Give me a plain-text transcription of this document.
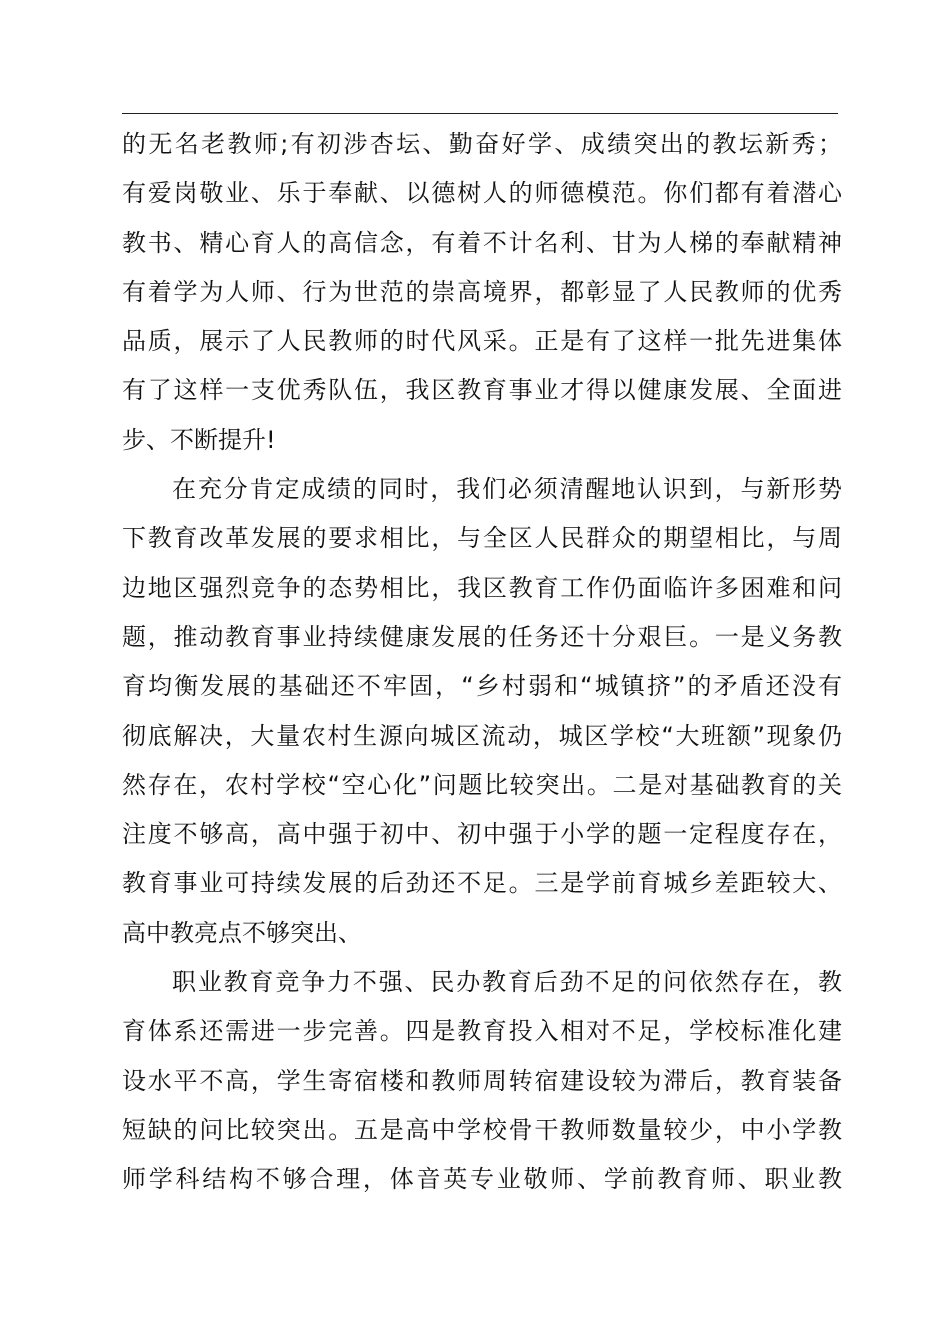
的无名老教师;有初涉杏坛、勤奋好学、成绩突出的教坛新秀；
有爱岗敬业、乐于奉献、以德树人的师德模范。你们都有着潜心
教书、精心育人的高信念，有着不计名利、甘为人梯的奉献精神
有着学为人师、行为世范的崇高境界，都彰显了人民教师的优秀
品质，展示了人民教师的时代风采。正是有了这样一批先进集体
有了这样一支优秀队伍，我区教育事业才得以健康发展、全面进
步、不断提升!
在充分肯定成绩的同时，我们必须清醒地认识到，与新形势
下教育改革发展的要求相比，与全区人民群众的期望相比，与周
边地区强烈竞争的态势相比，我区教育工作仍面临许多困难和问
题，推动教育事业持续健康发展的任务还十分艰巨。一是义务教
育均衡发展的基础还不牢固，“乡村弱和“城镇挤”的矛盾还没有
彻底解决，大量农村生源向城区流动，城区学校“大班额”现象仍
然存在，农村学校“空心化”问题比较突出。二是对基础教育的关
注度不够高，高中强于初中、初中强于小学的题一定程度存在，
教育事业可持续发展的后劲还不足。三是学前育城乡差距较大、
高中教亮点不够突出、
职业教育竞争力不强、民办教育后劲不足的问依然存在，教
育体系还需进一步完善。四是教育投入相对不足，学校标准化建
设水平不高，学生寄宿楼和教师周转宿建设较为滞后，教育装备
短缺的问比较突出。五是高中学校骨干教师数量较少，中小学教
师学科结构不够合理，体音英专业敬师、学前教育师、职业教
